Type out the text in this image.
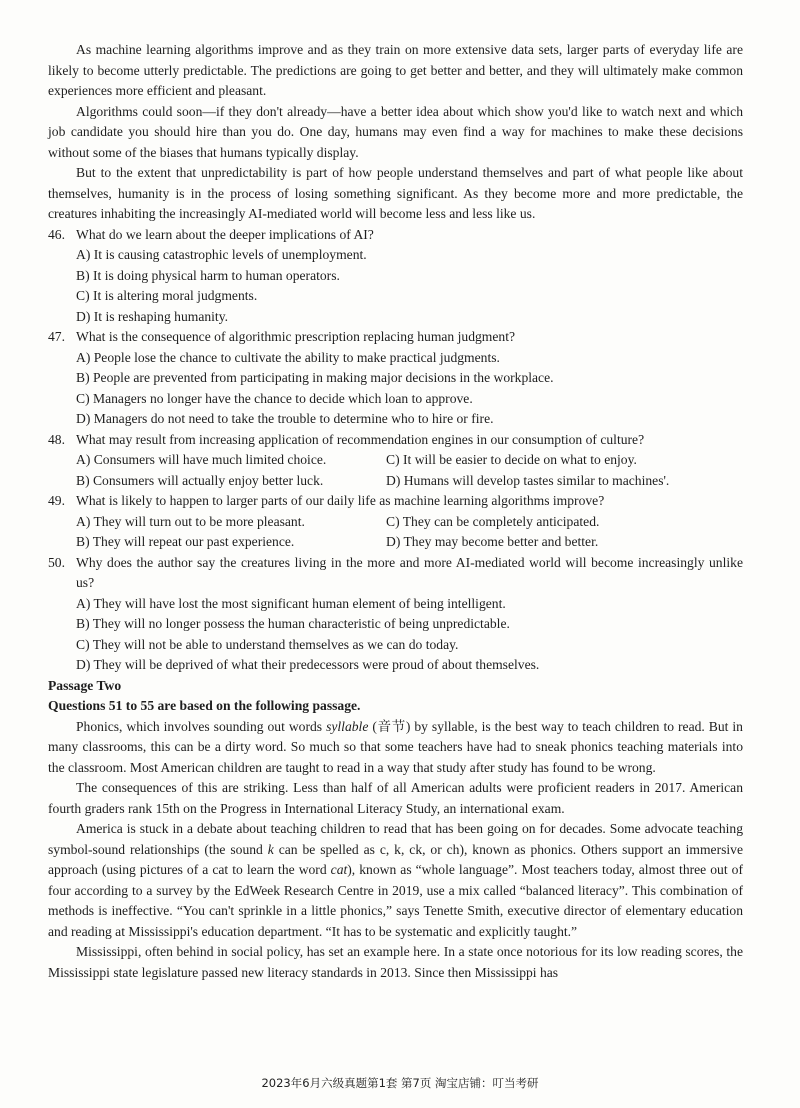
As machine learning algorithms improve and as they train on more extensive data sets, larger parts of everyday life are likely to become utterly predictable. The predictions are going to get better and better, and they will ultimately make common experiences more efficient and pleasant.

Algorithms could soon—if they don't already—have a better idea about which show you'd like to watch next and which job candidate you should hire than you do. One day, humans may even find a way for machines to make these decisions without some of the biases that humans typically display.

But to the extent that unpredictability is part of how people understand themselves and part of what people like about themselves, humanity is in the process of losing something significant. As they become more and more predictable, the creatures inhabiting the increasingly AI-mediated world will become less and less like us.

46. What do we learn about the deeper implications of AI?

A) It is causing catastrophic levels of unemployment.

B) It is doing physical harm to human operators.

C) It is altering moral judgments.

D) It is reshaping humanity.

47. What is the consequence of algorithmic prescription replacing human judgment?

A) People lose the chance to cultivate the ability to make practical judgments.

B) People are prevented from participating in making major decisions in the workplace.

C) Managers no longer have the chance to decide which loan to approve.

D) Managers do not need to take the trouble to determine who to hire or fire.

48. What may result from increasing application of recommendation engines in our consumption of culture?

A) Consumers will have much limited choice.	C) It will be easier to decide on what to enjoy.
B) Consumers will actually enjoy better luck.	D) Humans will develop tastes similar to machines'.

49. What is likely to happen to larger parts of our daily life as machine learning algorithms improve?

A) They will turn out to be more pleasant.	C) They can be completely anticipated.
B) They will repeat our past experience.	D) They may become better and better.

50. Why does the author say the creatures living in the more and more AI-mediated world will become increasingly unlike us?

A) They will have lost the most significant human element of being intelligent.

B) They will no longer possess the human characteristic of being unpredictable.

C) They will not be able to understand themselves as we can do today.

D) They will be deprived of what their predecessors were proud of about themselves.

Passage Two

Questions 51 to 55 are based on the following passage.

Phonics, which involves sounding out words syllable (音节) by syllable, is the best way to teach children to read. But in many classrooms, this can be a dirty word. So much so that some teachers have had to sneak phonics teaching materials into the classroom. Most American children are taught to read in a way that study after study has found to be wrong.

The consequences of this are striking. Less than half of all American adults were proficient readers in 2017. American fourth graders rank 15th on the Progress in International Literacy Study, an international exam.

America is stuck in a debate about teaching children to read that has been going on for decades. Some advocate teaching symbol-sound relationships (the sound k can be spelled as c, k, ck, or ch), known as phonics. Others support an immersive approach (using pictures of a cat to learn the word cat), known as “whole language”. Most teachers today, almost three out of four according to a survey by the EdWeek Research Centre in 2019, use a mix called “balanced literacy”. This combination of methods is ineffective. “You can't sprinkle in a little phonics,” says Tenette Smith, executive director of elementary education and reading at Mississippi's education department. “It has to be systematic and explicitly taught.”

Mississippi, often behind in social policy, has set an example here. In a state once notorious for its low reading scores, the Mississippi state legislature passed new literacy standards in 2013. Since then Mississippi has

2023年6月六级真题第1套 第7页 淘宝店铺：叮当考研
